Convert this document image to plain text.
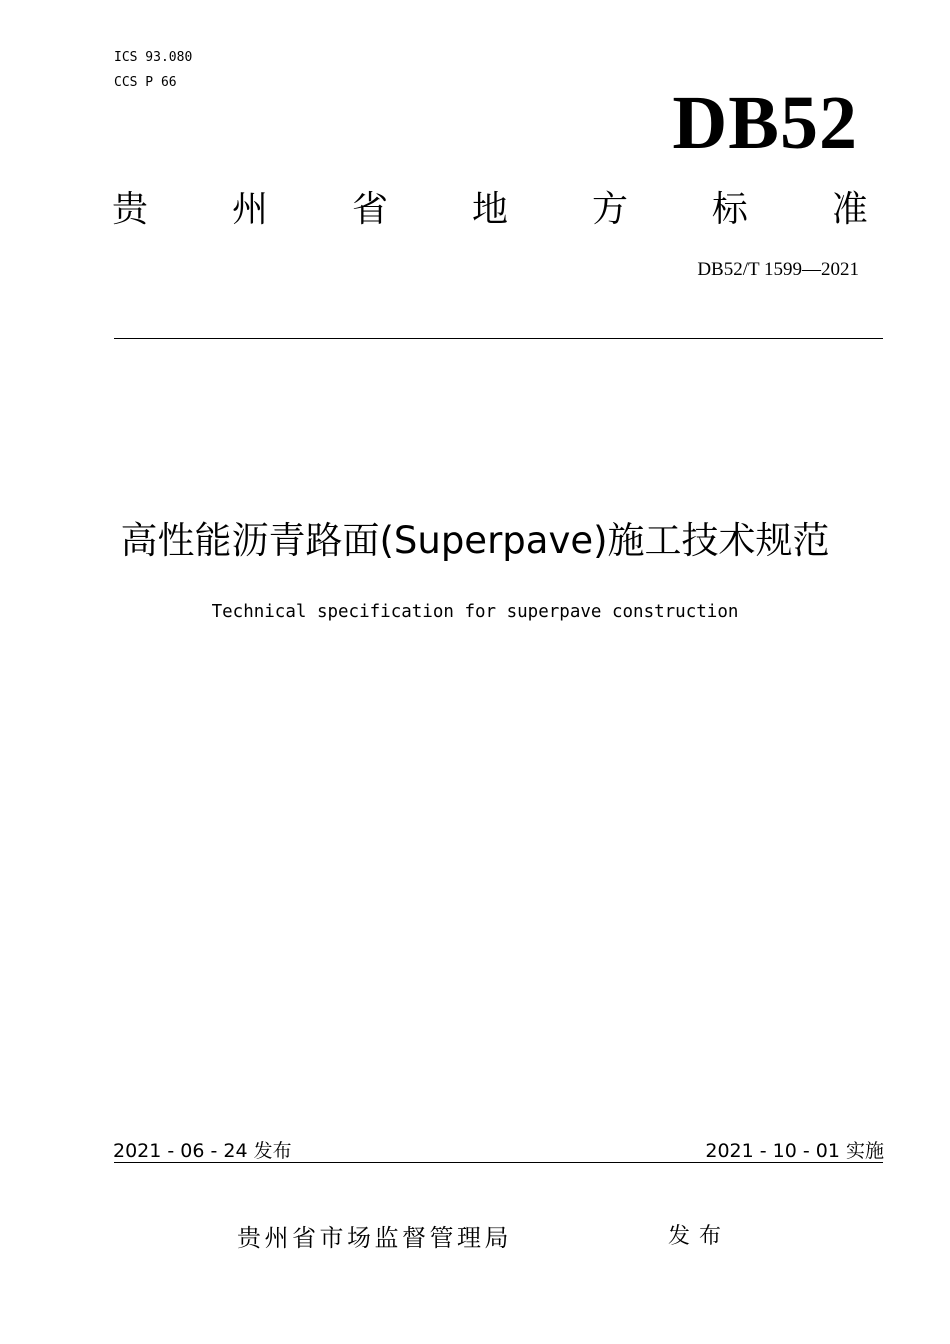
ICS 93.080
CCS P 66	DB52
贵 州 省 地 方 标 准
DB52/T 1599—2021
高性能沥青路面(Superpave)施工技术规范
Technical specification for superpave construction
2021 - 06 - 24 发布	2021 - 10 - 01 实施
贵州省市场监督管理局	发布
